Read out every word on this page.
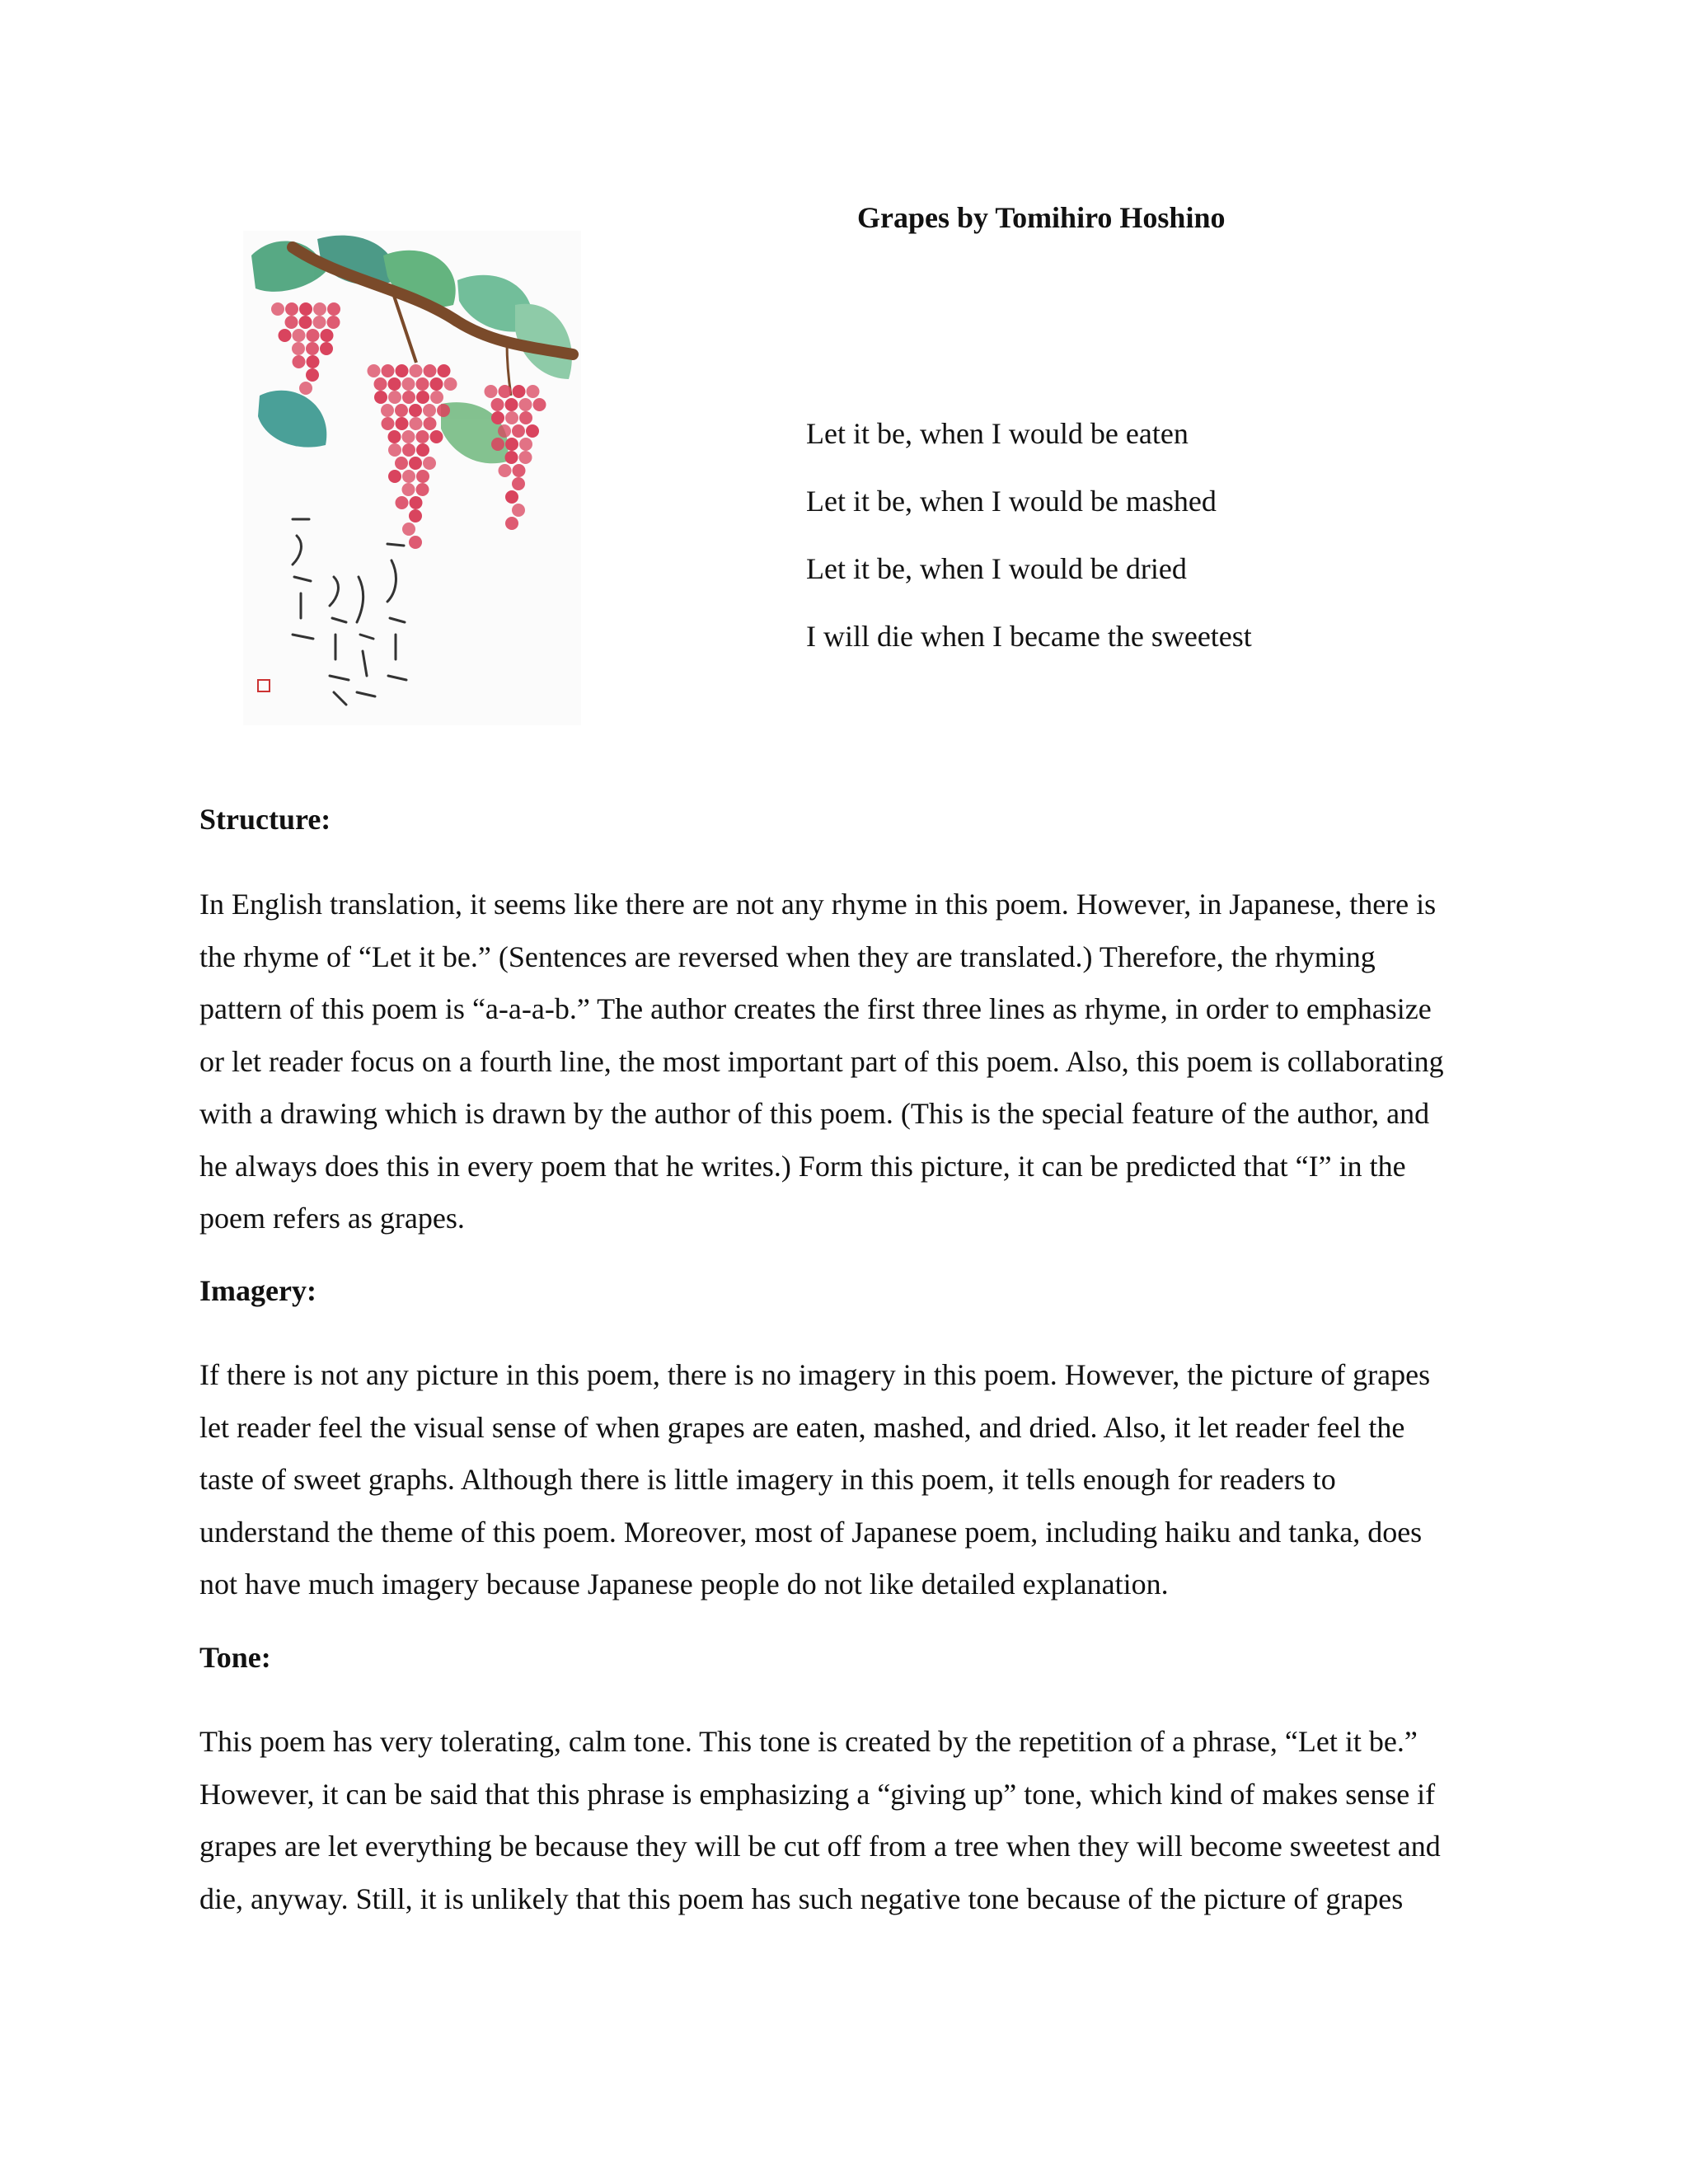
Grapes by Tomihiro Hoshino
Let it be, when I would be eaten
Let it be, when I would be mashed
Let it be, when I would be dried
I will die when I became the sweetest
Structure:

In English translation, it seems like there are not any rhyme in this poem. However, in Japanese, there is
the rhyme of “Let it be.” (Sentences are reversed when they are translated.) Therefore, the rhyming
pattern of this poem is “a-a-a-b.” The author creates the first three lines as rhyme, in order to emphasize
or let reader focus on a fourth line, the most important part of this poem. Also, this poem is collaborating
with a drawing which is drawn by the author of this poem. (This is the special feature of the author, and
he always does this in every poem that he writes.) Form this picture, it can be predicted that “I” in the
poem refers as grapes.

Imagery:

If there is not any picture in this poem, there is no imagery in this poem. However, the picture of grapes
let reader feel the visual sense of when grapes are eaten, mashed, and dried. Also, it let reader feel the
taste of sweet graphs. Although there is little imagery in this poem, it tells enough for readers to
understand the theme of this poem. Moreover, most of Japanese poem, including haiku and tanka, does
not have much imagery because Japanese people do not like detailed explanation.

Tone:

This poem has very tolerating, calm tone. This tone is created by the repetition of a phrase, “Let it be.”
However, it can be said that this phrase is emphasizing a “giving up” tone, which kind of makes sense if
grapes are let everything be because they will be cut off from a tree when they will become sweetest and
die, anyway. Still, it is unlikely that this poem has such negative tone because of the picture of grapes
